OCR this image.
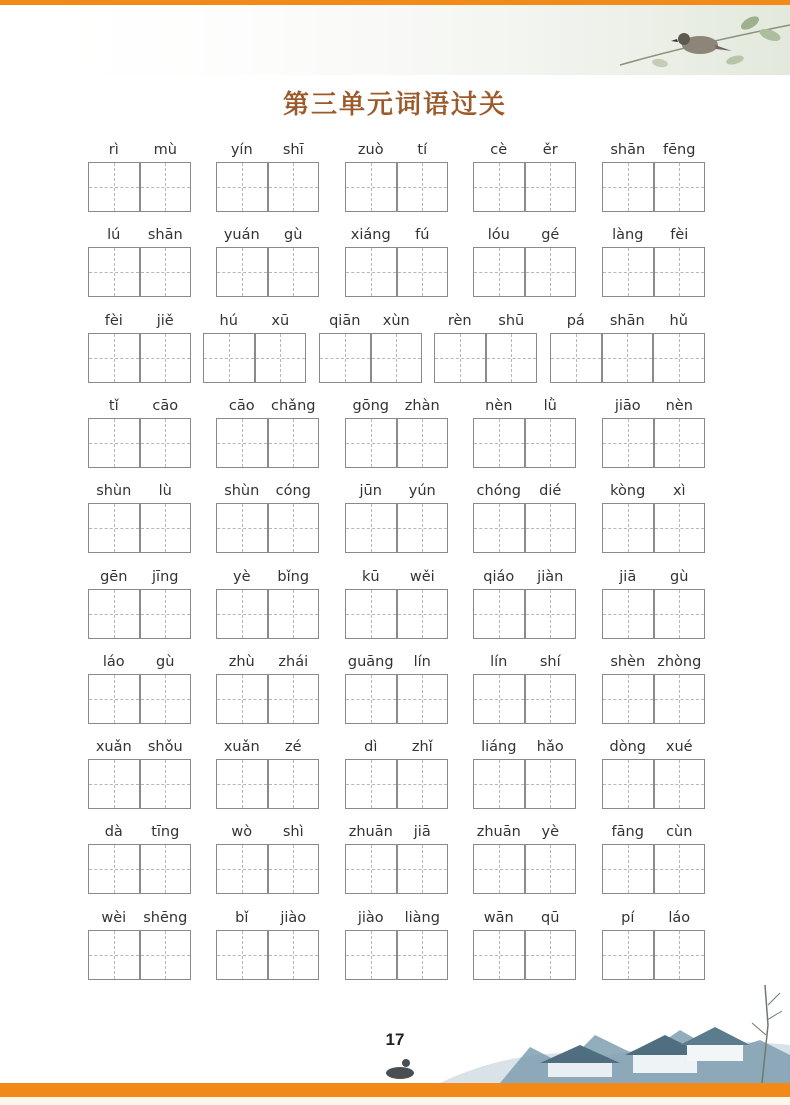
第三单元词语过关
rì	mù	yín	shī	zuò	tí	cè	ěr	shān	fēng
lú	shān	yuán	gù	xiáng	fú	lóu	gé	làng	fèi
fèi	jiě	hú	xū	qiān	xùn	rèn	shū	pá	shān	hǔ
tǐ	cāo	cāo	chǎng	gōng	zhàn	nèn	lǜ	jiāo	nèn
shùn	lù	shùn	cóng	jūn	yún	chóng	dié	kòng	xì
gēn	jīng	yè	bǐng	kū	wěi	qiáo	jiàn	jiā	gù
láo	gù	zhù	zhái	guāng	lín	lín	shí	shèn zhòng
xuǎn	shǒu	xuǎn	zé	dì	zhǐ	liáng	hǎo	dòng	xué
dà	tīng	wò	shì	zhuān	jiā	zhuān	yè	fāng	cùn
wèi	shēng	bǐ	jiào	jiào	liàng	wān	qū	pí	láo
17
